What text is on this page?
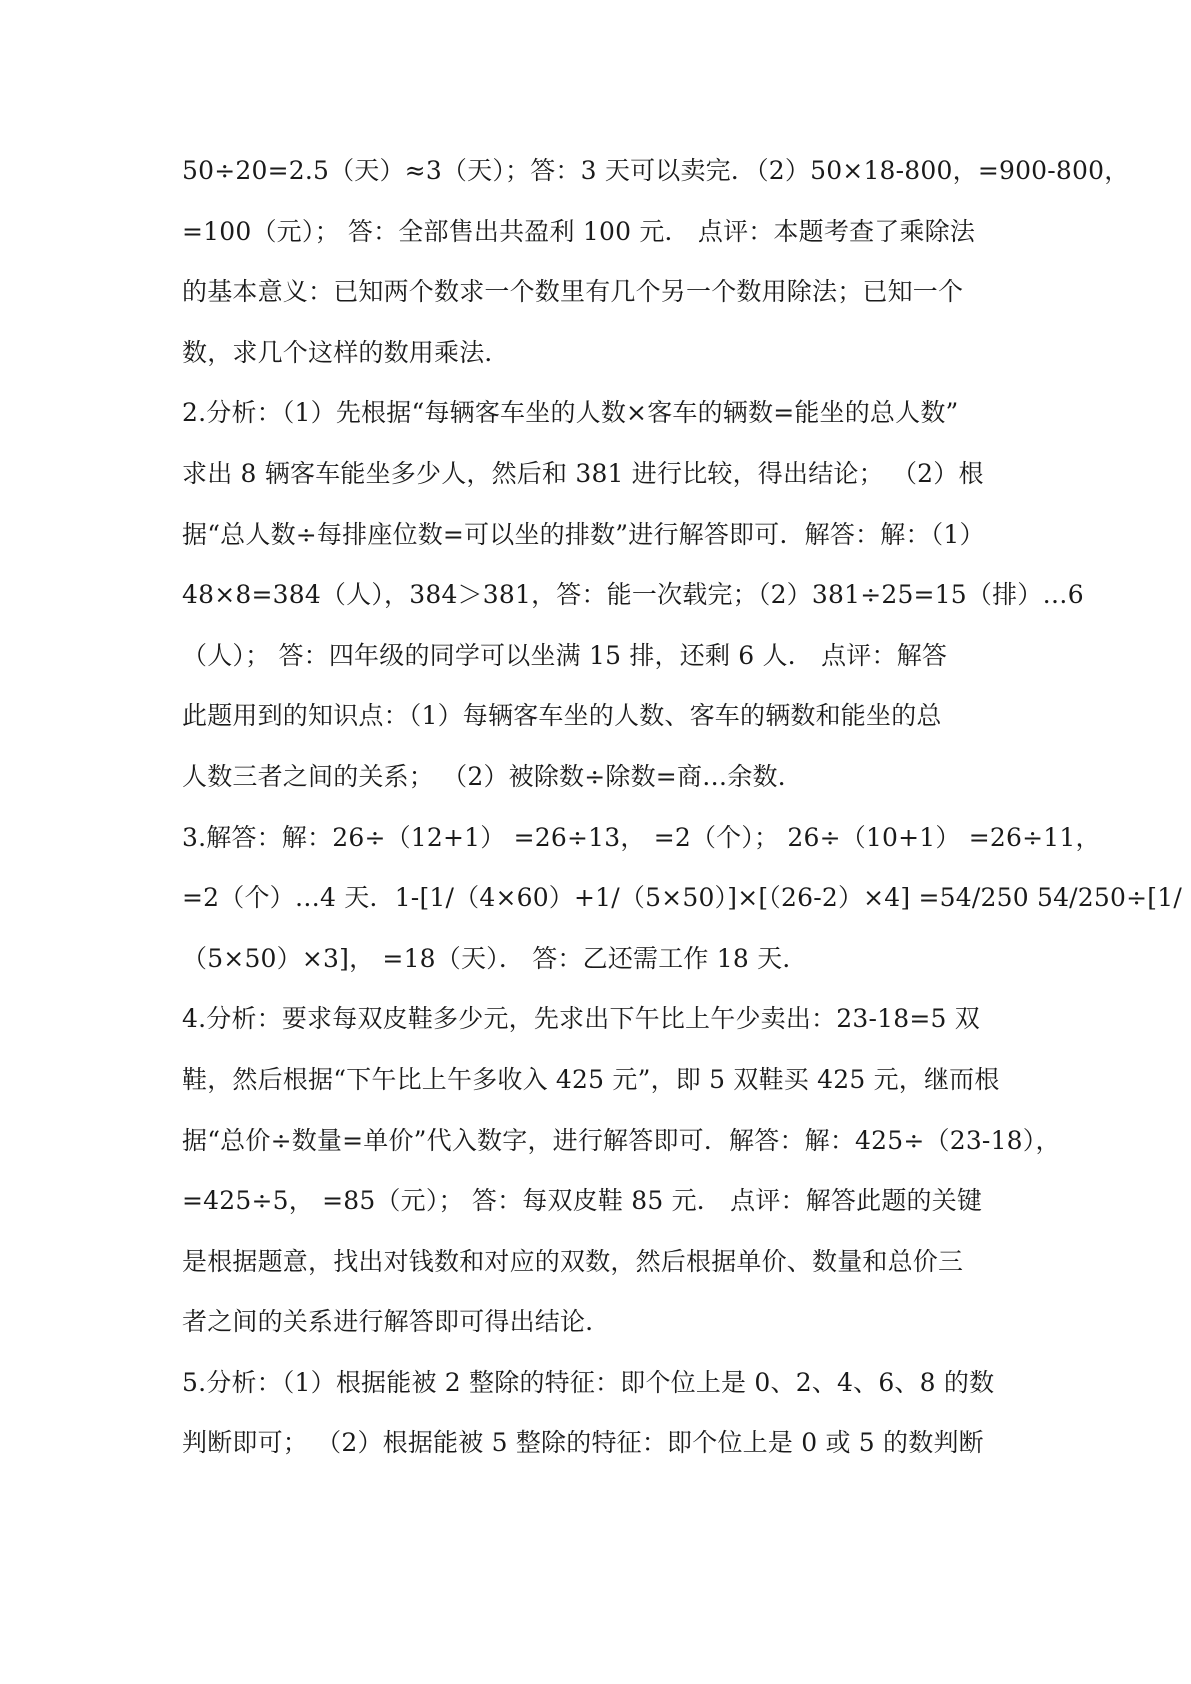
50÷20=2.5（天）≈3（天）；答：3 天可以卖完．（2）50×18-800，=900-800，
=100（元）； 答：全部售出共盈利 100 元． 点评：本题考查了乘除法
的基本意义：已知两个数求一个数里有几个另一个数用除法；已知一个
数，求几个这样的数用乘法．
2.分析：（1）先根据“每辆客车坐的人数×客车的辆数=能坐的总人数”
求出 8 辆客车能坐多少人，然后和 381 进行比较，得出结论； （2）根
据“总人数÷每排座位数=可以坐的排数”进行解答即可．解答：解：（1）
48×8=384（人），384＞381，答：能一次载完；（2）381÷25=15（排）…6
（人）； 答：四年级的同学可以坐满 15 排，还剩 6 人． 点评：解答
此题用到的知识点：（1）每辆客车坐的人数、客车的辆数和能坐的总
人数三者之间的关系； （2）被除数÷除数=商…余数．
3.解答：解：26÷（12+1） =26÷13， =2（个）； 26÷（10+1） =26÷11，
=2（个）…4 天．1-[1/（4×60）+1/（5×50）]×[（26-2）×4] =54/250 54/250÷[1/
（5×50）×3]， =18（天）． 答：乙还需工作 18 天．
4.分析：要求每双皮鞋多少元，先求出下午比上午少卖出：23-18=5 双
鞋，然后根据“下午比上午多收入 425 元”，即 5 双鞋买 425 元，继而根
据“总价÷数量=单价”代入数字，进行解答即可．解答：解：425÷（23-18），
=425÷5， =85（元）； 答：每双皮鞋 85 元． 点评：解答此题的关键
是根据题意，找出对钱数和对应的双数，然后根据单价、数量和总价三
者之间的关系进行解答即可得出结论．
5.分析：（1）根据能被 2 整除的特征：即个位上是 0、2、4、6、8 的数
判断即可； （2）根据能被 5 整除的特征：即个位上是 0 或 5 的数判断
